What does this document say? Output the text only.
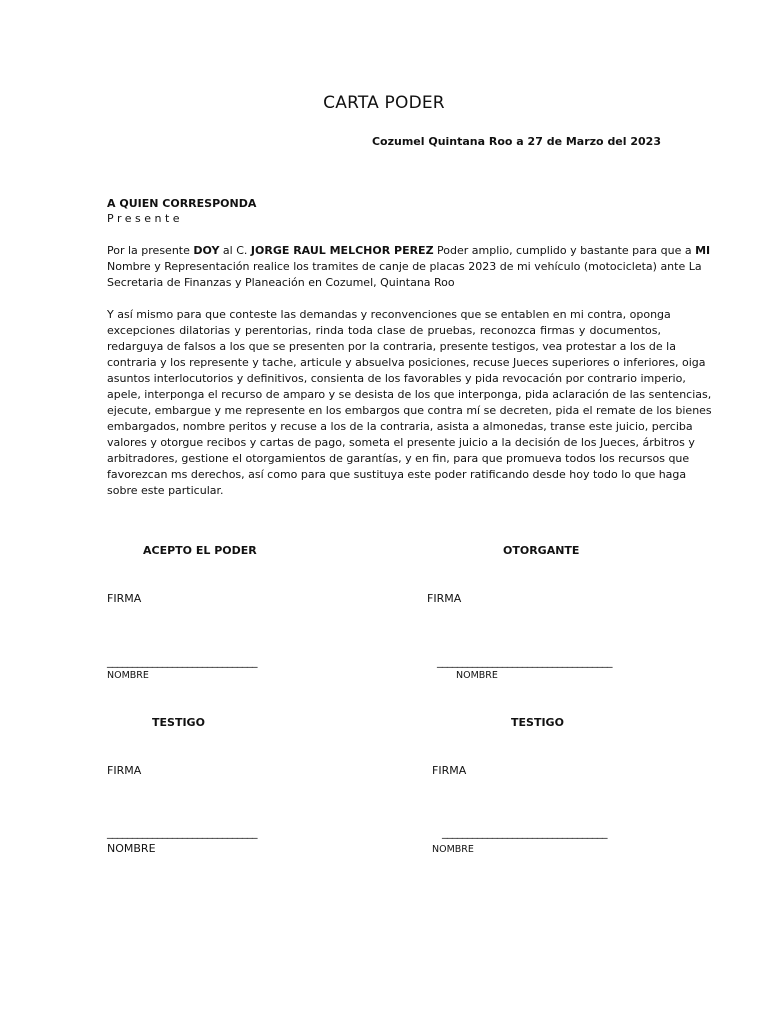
CARTA PODER
Cozumel Quintana Roo a 27 de Marzo del 2023
A QUIEN CORRESPONDA
Presente
Por la presente DOY al C. JORGE RAUL MELCHOR PEREZ Poder amplio, cumplido y bastante para que a MI
Nombre y Representación realice los tramites de canje de placas 2023 de mi vehículo (motocicleta) ante La
Secretaria de Finanzas y Planeación en Cozumel, Quintana Roo
Y así mismo para que conteste las demandas y reconvenciones que se entablen en mi contra, oponga
excepciones dilatorias y perentorias, rinda toda clase de pruebas, reconozca firmas y documentos,
redarguya de falsos a los que se presenten por la contraria, presente testigos, vea protestar a los de la
contraria y los represente y tache, articule y absuelva posiciones, recuse Jueces superiores o inferiores, oiga
asuntos interlocutorios y definitivos, consienta de los favorables y pida revocación por contrario imperio,
apele, interponga el recurso de amparo y se desista de los que interponga, pida aclaración de las sentencias,
ejecute, embargue y me represente en los embargos que contra mí se decreten, pida el remate de los bienes
embargados, nombre peritos y recuse a los de la contraria, asista a almonedas, transe este juicio, perciba
valores y otorgue recibos y cartas de pago, someta el presente juicio a la decisión de los Jueces, árbitros y
arbitradores, gestione el otorgamientos de garantías, y en fin, para que promueva todos los recursos que
favorezcan ms derechos, así como para que sustituya este poder ratificando desde hoy todo lo que haga
sobre este particular.
ACEPTO EL PODER	OTORGANTE
FIRMA	FIRMA
______________________________	___________________________________
NOMBRE	NOMBRE
TESTIGO	TESTIGO
FIRMA	FIRMA
______________________________	_________________________________
NOMBRE	NOMBRE
